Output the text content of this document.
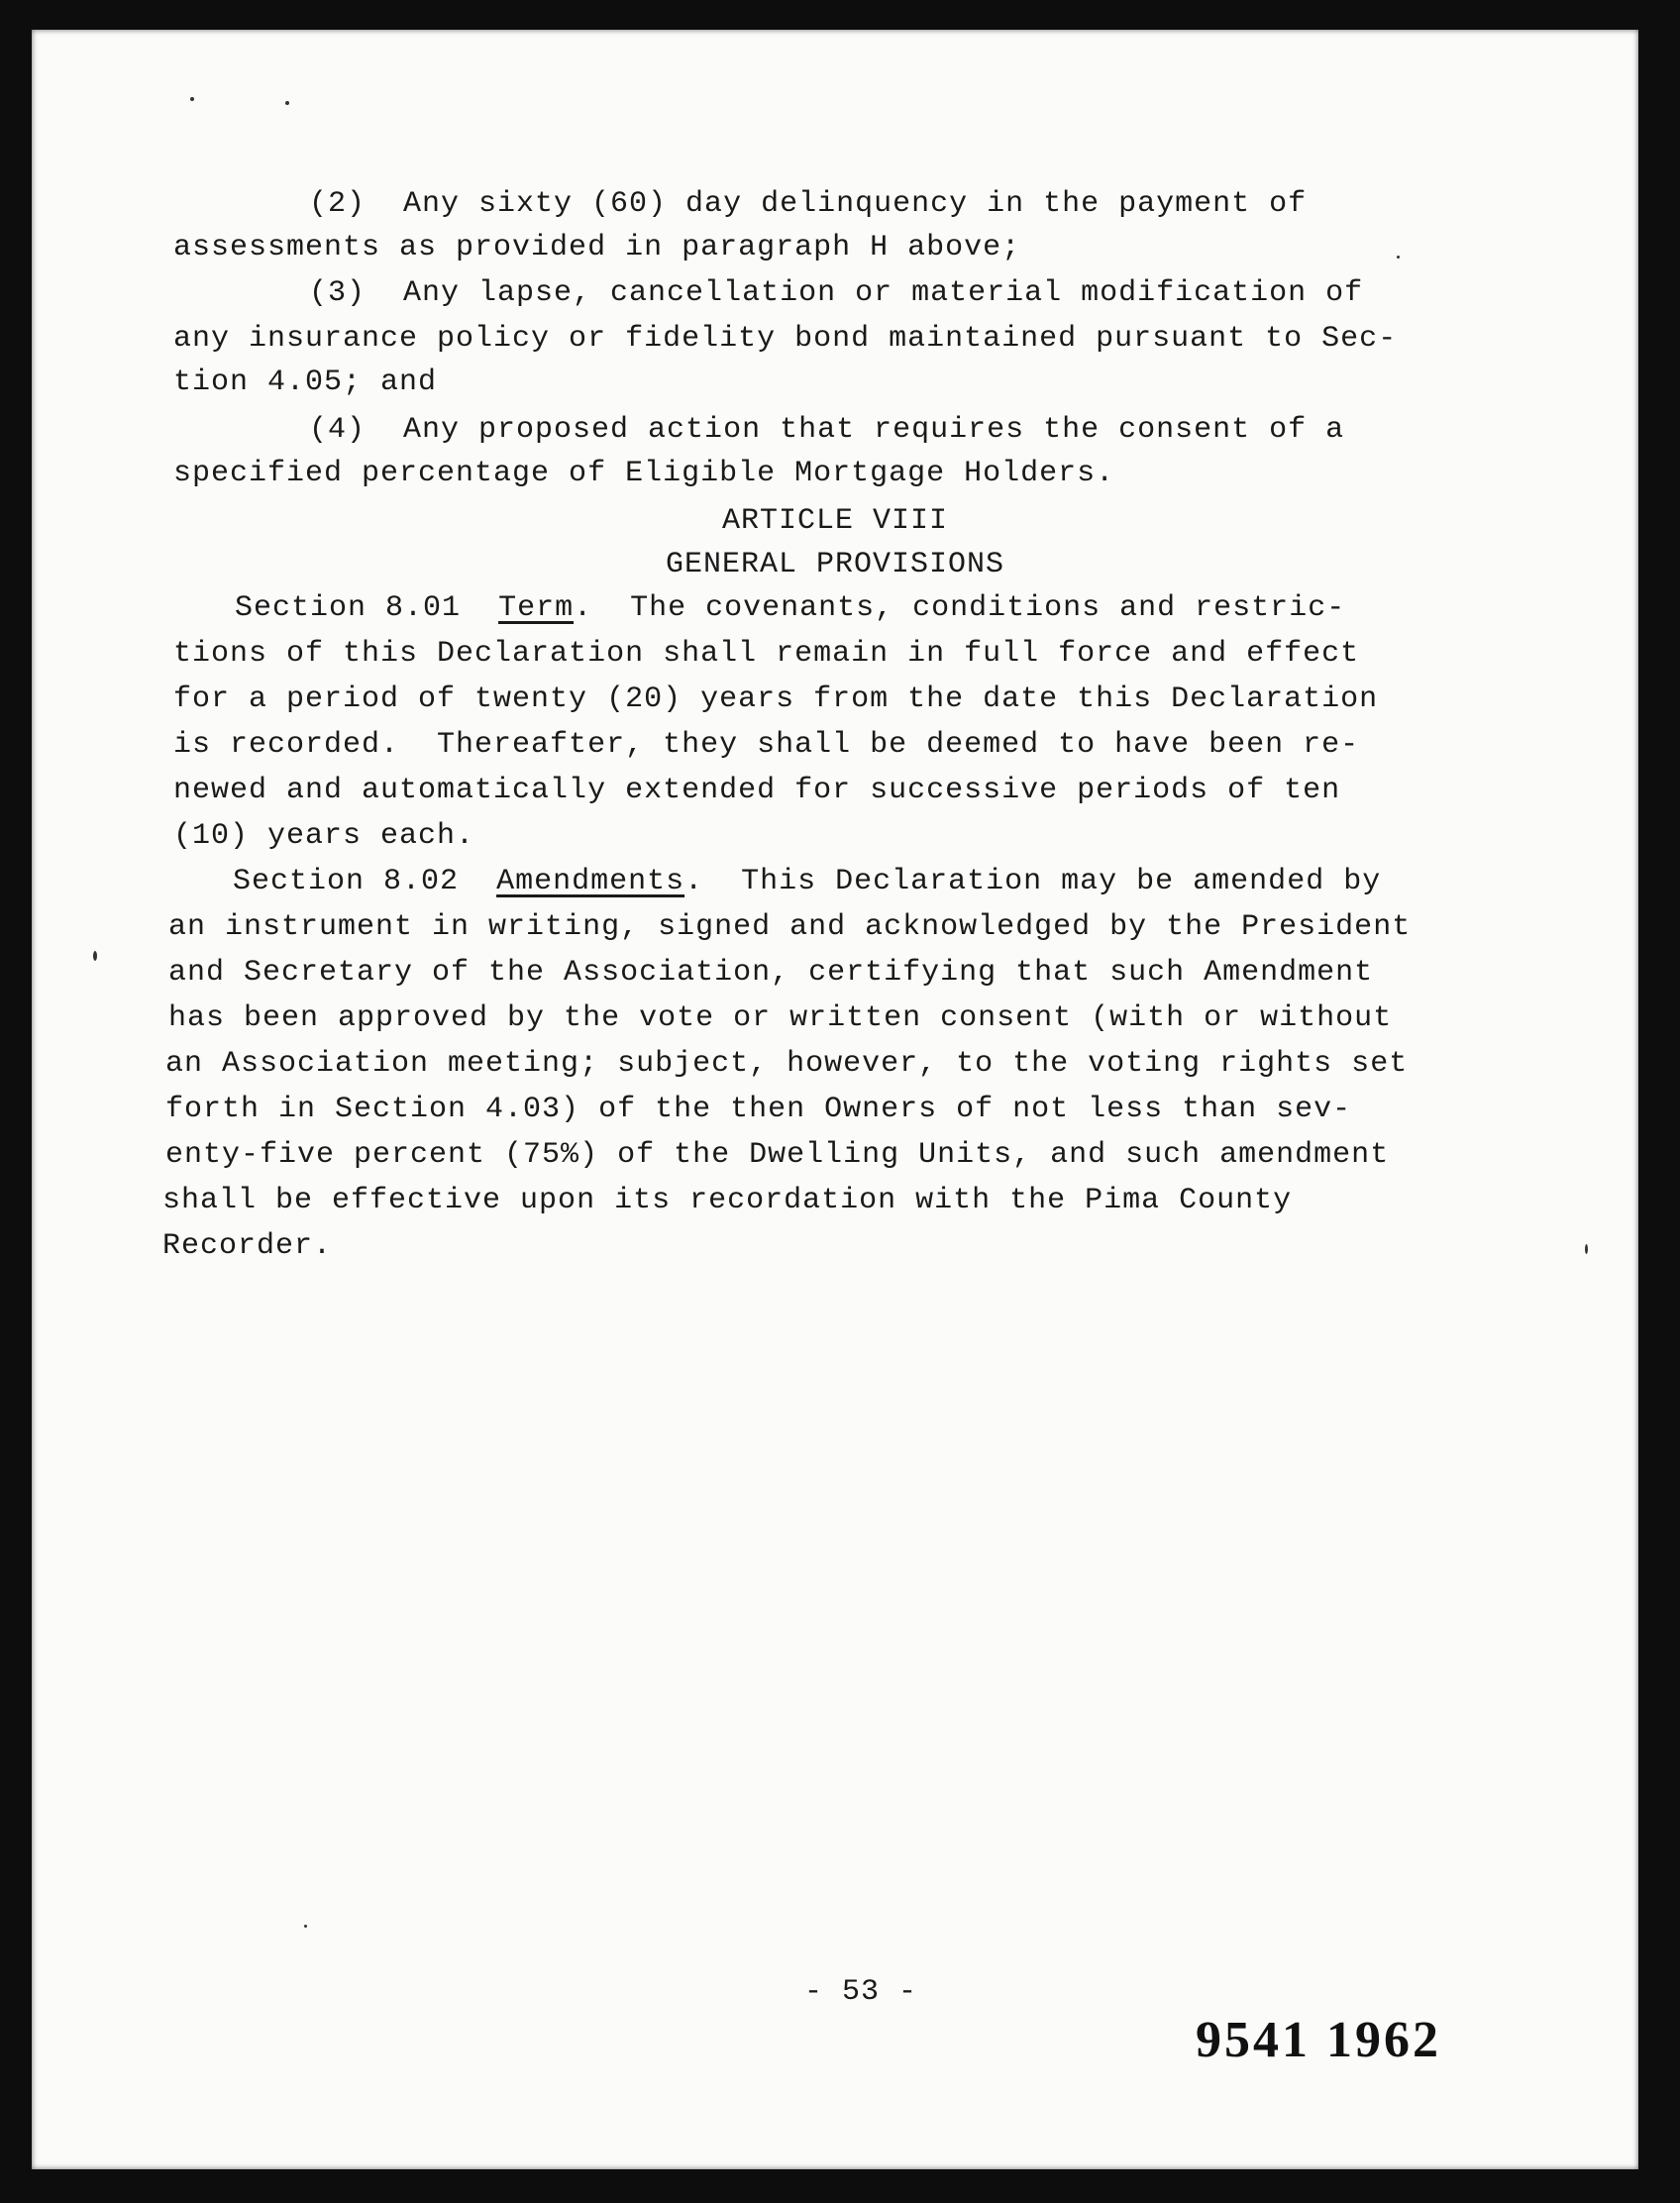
(2)  Any sixty (60) day delinquency in the payment of
assessments as provided in paragraph H above;
(3)  Any lapse, cancellation or material modification of
any insurance policy or fidelity bond maintained pursuant to Sec-
tion 4.05; and
(4)  Any proposed action that requires the consent of a
specified percentage of Eligible Mortgage Holders.
ARTICLE VIII
GENERAL PROVISIONS
Section 8.01 Term.  The covenants, conditions and restric-
tions of this Declaration shall remain in full force and effect
for a period of twenty (20) years from the date this Declaration
is recorded.  Thereafter, they shall be deemed to have been re-
newed and automatically extended for successive periods of ten
(10) years each.
Section 8.02 Amendments.  This Declaration may be amended by
an instrument in writing, signed and acknowledged by the President
and Secretary of the Association, certifying that such Amendment
has been approved by the vote or written consent (with or without
an Association meeting; subject, however, to the voting rights set
forth in Section 4.03) of the then Owners of not less than sev-
enty-five percent (75%) of the Dwelling Units, and such amendment
shall be effective upon its recordation with the Pima County
Recorder.
- 53 -
9541 1962
